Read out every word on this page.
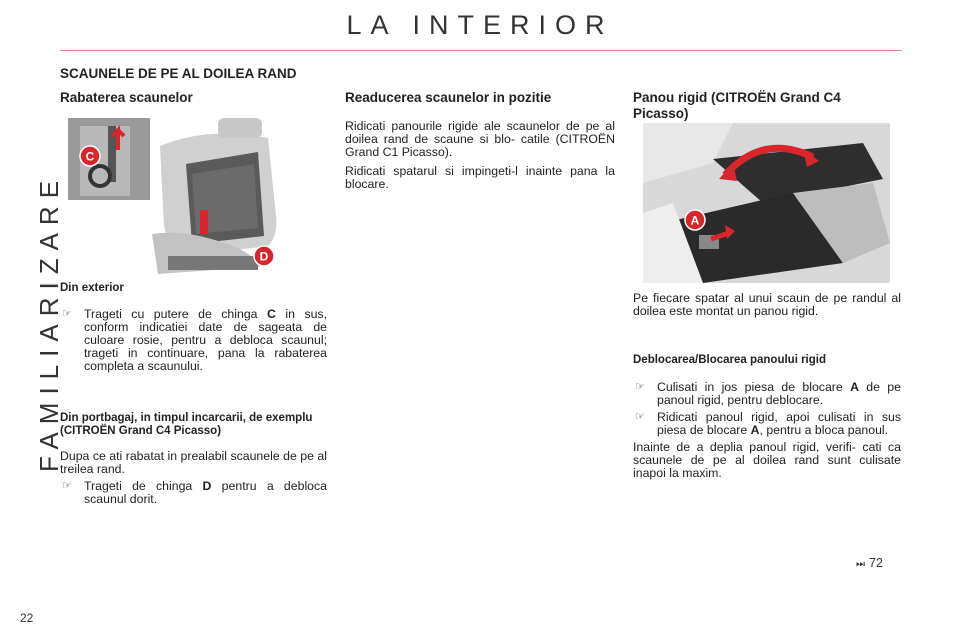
LA INTERIOR
FAMILIARIZARE
22
SCAUNELE DE PE AL DOILEA RAND
Rabaterea scaunelor
C
D
Din exterior
☞ Trageti cu putere de chinga C in sus, conform indicatiei date de sageata de culoare rosie, pentru a debloca scaunul; trageti in continuare, pana la rabaterea completa a scaunului.
Din portbagaj, in timpul incarcarii, de exemplu (CITROËN Grand C4 Picasso)

Dupa ce ati rabatat in prealabil scaunele de pe al treilea rand.

☞ Trageti de chinga D pentru a debloca scaunul dorit.
Readucerea scaunelor in pozitie

Ridicati panourile rigide ale scaunelor de pe al doilea rand de scaune si blo- catile (CITROËN Grand C1 Picasso).

Ridicati spatarul si impingeti-l inainte pana la blocare.

Panou rigid (CITROËN Grand C4 Picasso)
A

Pe fiecare spatar al unui scaun de pe randul al doilea este montat un panou rigid.

Deblocarea/Blocarea panoului rigid
☞ Culisati in jos piesa de blocare A de pe panoul rigid, pentru deblocare.
☞ Ridicati panoul rigid, apoi culisati in sus piesa de blocare A, pentru a bloca panoul.

Inainte de a deplia panoul rigid, verifi- cati ca scaunele de pe al doilea rand sunt culisate inapoi la maxim.

⏭ 72
